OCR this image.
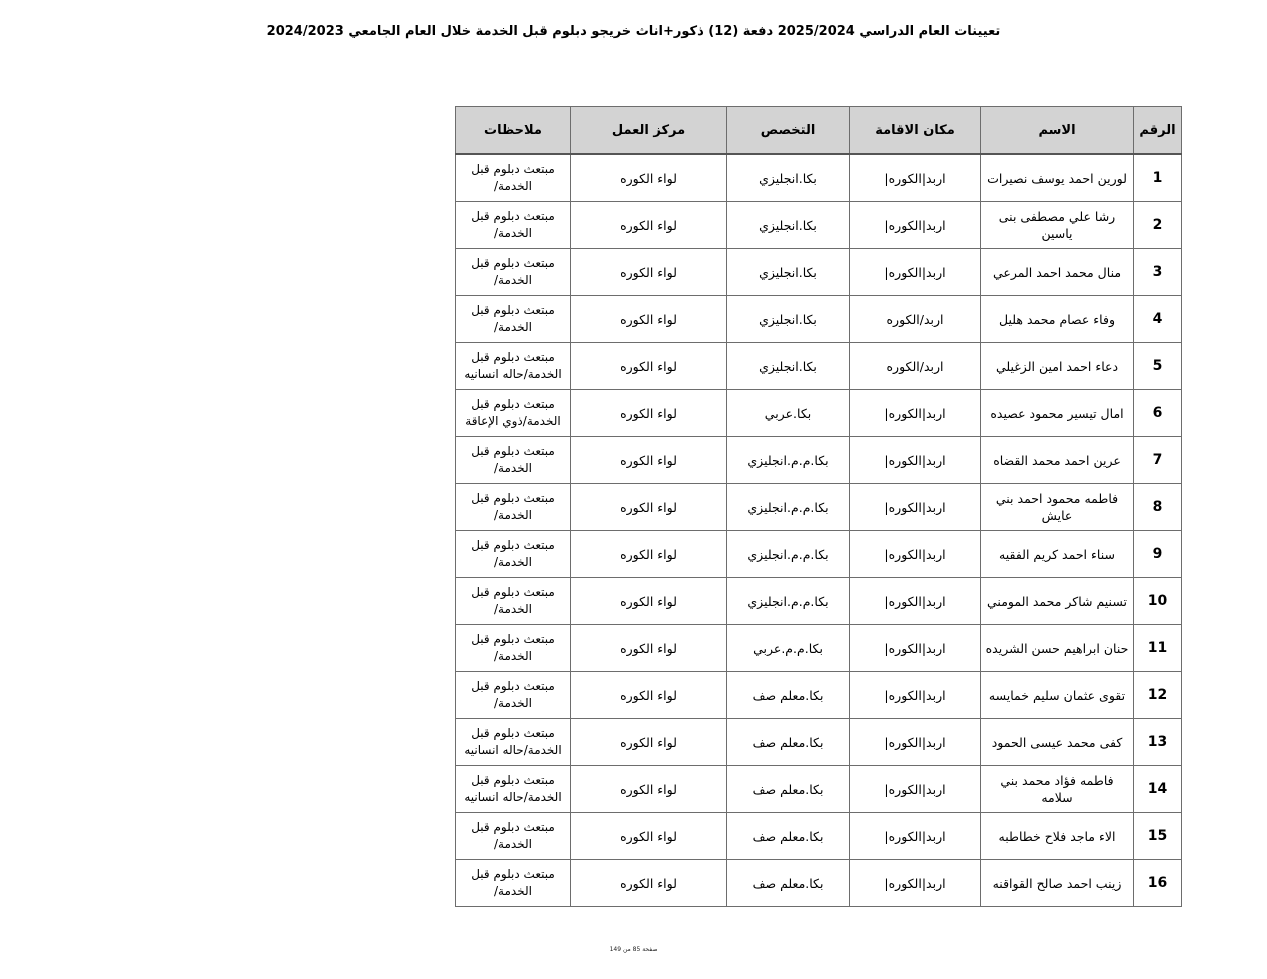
تعيينات العام الدراسي 2025/2024 دفعة (12) ذكور+اناث خريجو دبلوم قبل الخدمة خلال العام الجامعي 2024/2023
الرقم	الاسم	مكان الاقامة	التخصص	مركز العمل	ملاحظات
1	لورين احمد يوسف نصيرات	اربد|الكوره|	بكا.انجليزي	لواء الكوره	مبتعث دبلوم قبل الخدمة/
2	رشا علي مصطفى بنى ياسين	اربد|الكوره|	بكا.انجليزي	لواء الكوره	مبتعث دبلوم قبل الخدمة/
3	منال محمد احمد المرعي	اربد|الكوره|	بكا.انجليزي	لواء الكوره	مبتعث دبلوم قبل الخدمة/
4	وفاء عصام محمد هليل	اربد/الكوره	بكا.انجليزي	لواء الكوره	مبتعث دبلوم قبل الخدمة/
5	دعاء احمد امين الزغيلي	اربد/الكوره	بكا.انجليزي	لواء الكوره	مبتعث دبلوم قبل الخدمة/حاله انسانيه
6	امال تيسير محمود عصيده	اربد|الكوره|	بكا.عربي	لواء الكوره	مبتعث دبلوم قبل الخدمة/ذوي الإعاقة
7	عرين احمد محمد القضاه	اربد|الكوره|	بكا.م.م.انجليزي	لواء الكوره	مبتعث دبلوم قبل الخدمة/
8	فاطمه محمود احمد بني عايش	اربد|الكوره|	بكا.م.م.انجليزي	لواء الكوره	مبتعث دبلوم قبل الخدمة/
9	سناء احمد كريم الفقيه	اربد|الكوره|	بكا.م.م.انجليزي	لواء الكوره	مبتعث دبلوم قبل الخدمة/
10	تسنيم شاكر محمد المومني	اربد|الكوره|	بكا.م.م.انجليزي	لواء الكوره	مبتعث دبلوم قبل الخدمة/
11	حنان ابراهيم حسن الشريده	اربد|الكوره|	بكا.م.م.عربي	لواء الكوره	مبتعث دبلوم قبل الخدمة/
12	تقوى عثمان سليم خمايسه	اربد|الكوره|	بكا.معلم صف	لواء الكوره	مبتعث دبلوم قبل الخدمة/
13	كفى محمد عيسى الحمود	اربد|الكوره|	بكا.معلم صف	لواء الكوره	مبتعث دبلوم قبل الخدمة/حاله انسانيه
14	فاطمه فؤاد محمد بني سلامه	اربد|الكوره|	بكا.معلم صف	لواء الكوره	مبتعث دبلوم قبل الخدمة/حاله انسانيه
15	الاء ماجد فلاح خطاطبه	اربد|الكوره|	بكا.معلم صف	لواء الكوره	مبتعث دبلوم قبل الخدمة/
16	زينب احمد صالح القواقنه	اربد|الكوره|	بكا.معلم صف	لواء الكوره	مبتعث دبلوم قبل الخدمة/
صفحة 85 من 149
